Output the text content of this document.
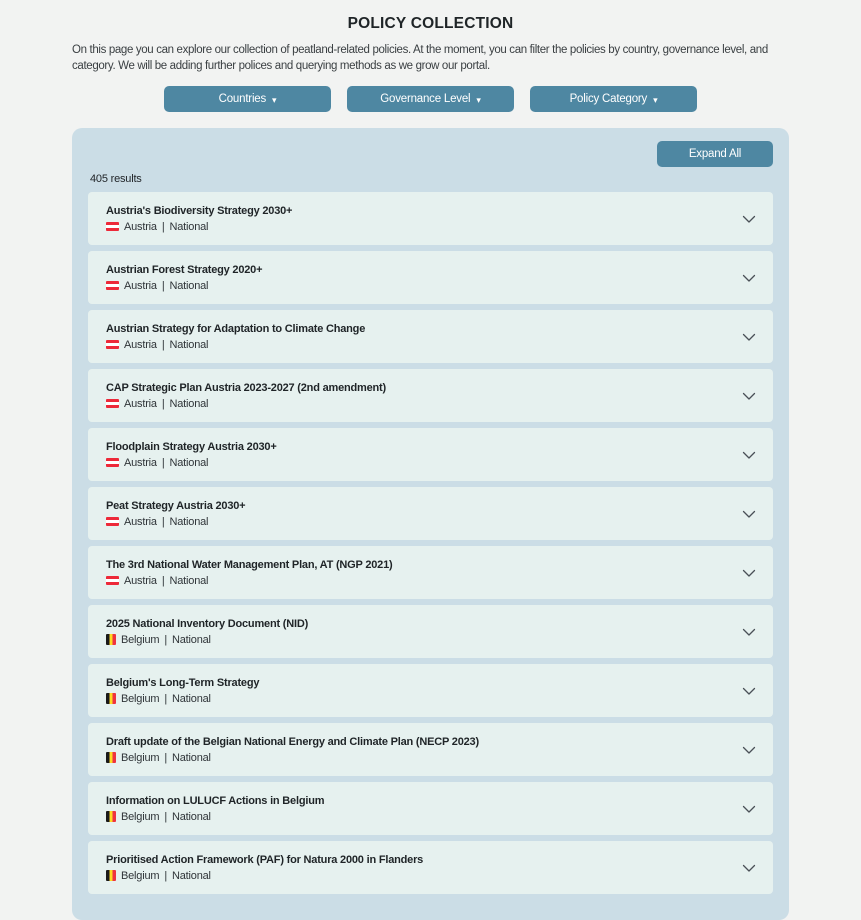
POLICY COLLECTION

On this page you can explore our collection of peatland-related policies. At the moment, you can filter the policies by country, governance level, and category. We will be adding further polices and querying methods as we grow our portal.

Countries ▾	Governance Level ▾	Policy Category ▾
Expand All
405 results
Austria's Biodiversity Strategy 2030+
Austria | National
Austrian Forest Strategy 2020+
Austria | National
Austrian Strategy for Adaptation to Climate Change
Austria | National
CAP Strategic Plan Austria 2023-2027 (2nd amendment)
Austria | National
Floodplain Strategy Austria 2030+
Austria | National
Peat Strategy Austria 2030+
Austria | National
The 3rd National Water Management Plan, AT (NGP 2021)
Austria | National
2025 National Inventory Document (NID)
Belgium | National
Belgium's Long-Term Strategy
Belgium | National
Draft update of the Belgian National Energy and Climate Plan (NECP 2023)
Belgium | National
Information on LULUCF Actions in Belgium
Belgium | National
Prioritised Action Framework (PAF) for Natura 2000 in Flanders
Belgium | National
